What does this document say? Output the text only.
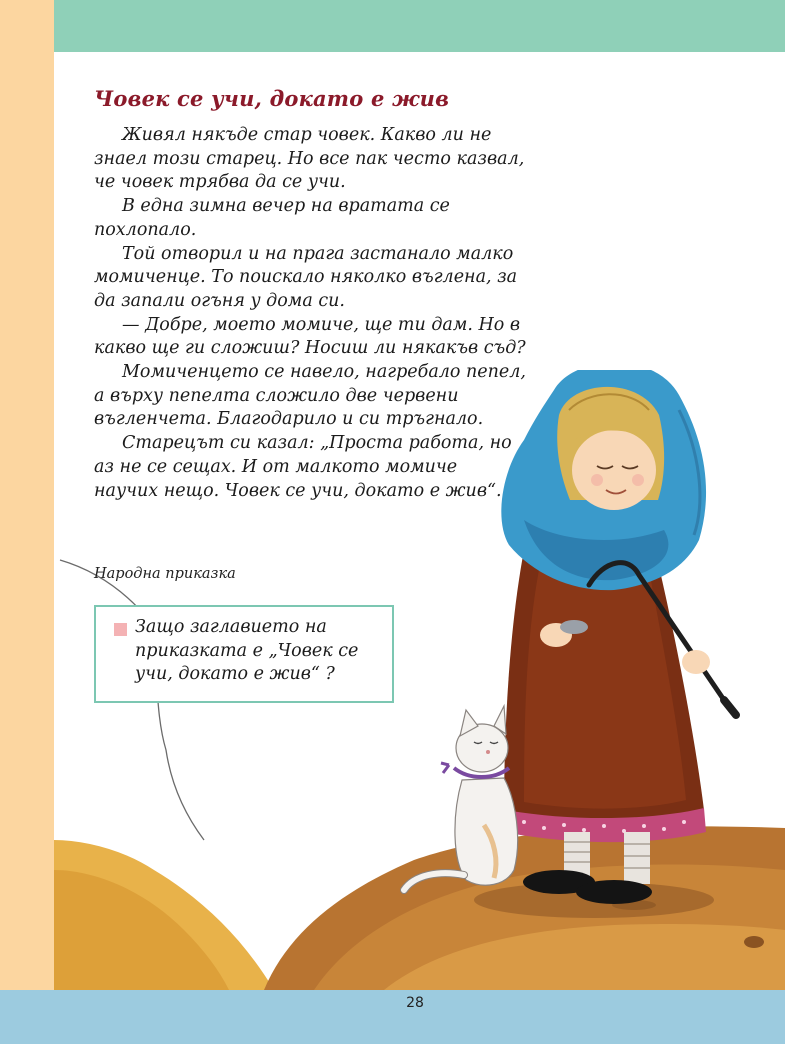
Човек се учи, докато е жив

Живял някъде стар човек. Какво ли не знаел този старец. Но все пак често казвал, че човек трябва да се учи.

В една зимна вечер на вратата се похлопало.

Той отворил и на прага застанало малко момиченце. То поискало няколко въглена, за да запали огъня у дома си.

— Добре, моето момиче, ще ти дам. Но в какво ще ги сложиш? Носиш ли някакъв съд?

Момиченцето се навело, нагребало пепел, а върху пепелта сложило две червени въгленчета. Благодарило и си тръгнало.

Старецът си казал: „Проста работа, но аз не се сещах. И от малкото момиче научих нещо. Човек се учи, докато е жив“.

Народна приказка
Защо заглавието на приказката е „Човек се учи, докато е жив“ ?
28
